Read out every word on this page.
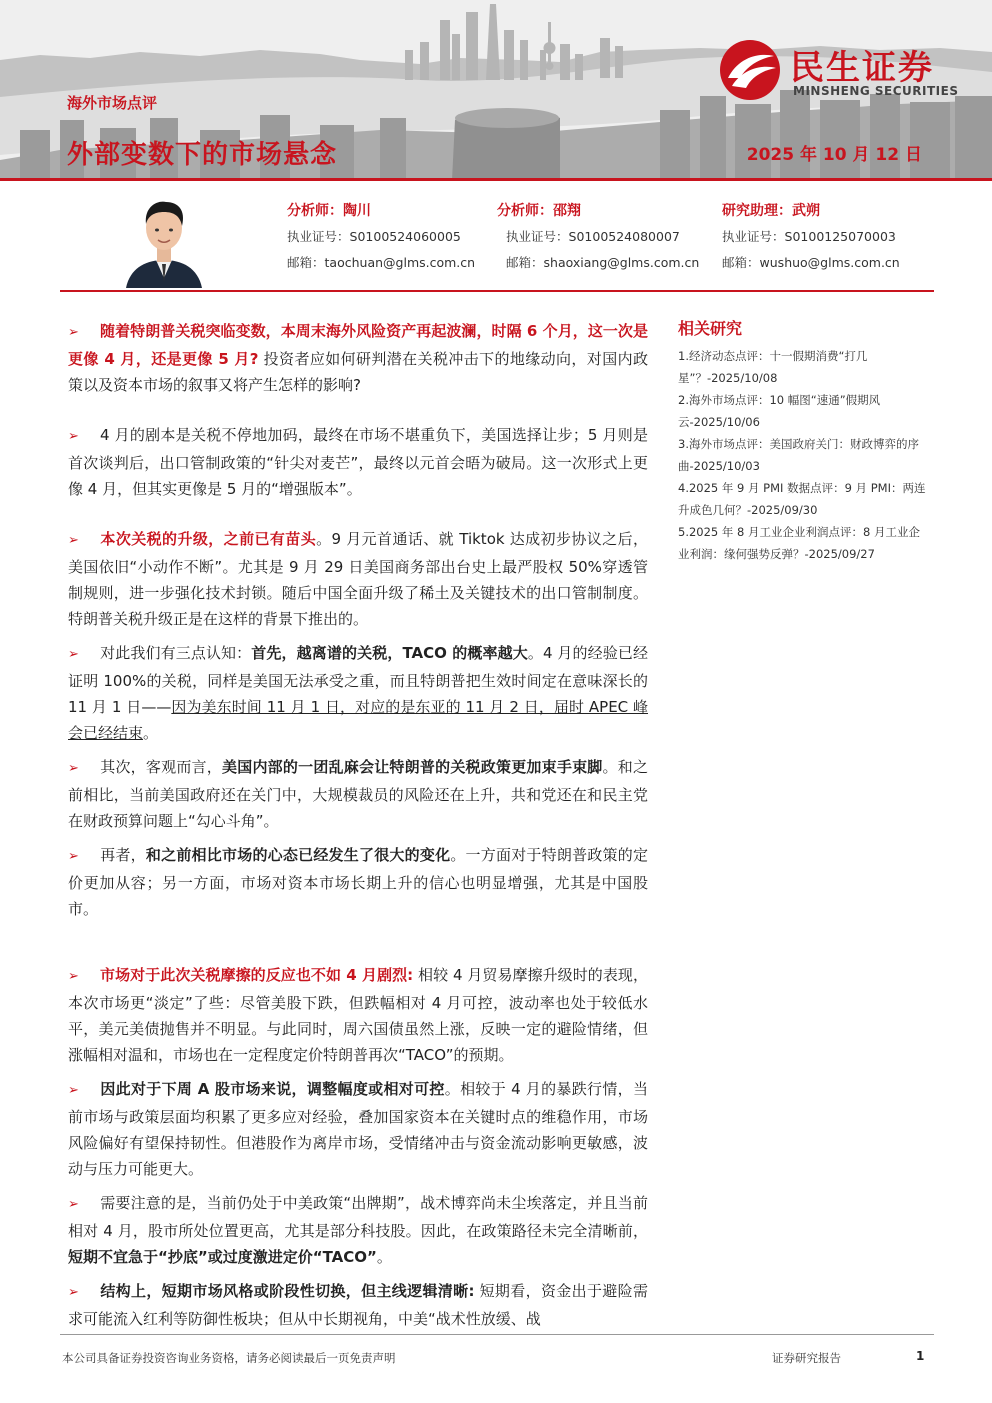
海外市场点评
外部变数下的市场悬念	2025 年 10 月 12 日
民生证券
MINSHENG SECURITIES
分析师：陶川
执业证号：S0100524060005
邮箱：taochuan@glms.com.cn
分析师：邵翔
执业证号：S0100524080007
邮箱：shaoxiang@glms.com.cn
研究助理：武朔
执业证号：S0100125070003
邮箱：wushuo@glms.com.cn

➢ 随着特朗普关税突临变数，本周末海外风险资产再起波澜，时隔 6 个月，这一次是更像 4 月，还是更像 5 月? 投资者应如何研判潜在关税冲击下的地缘动向，对国内政策以及资本市场的叙事又将产生怎样的影响?

➢ 4 月的剧本是关税不停地加码，最终在市场不堪重负下，美国选择让步；5 月则是首次谈判后，出口管制政策的“针尖对麦芒”，最终以元首会晤为破局。这一次形式上更像 4 月，但其实更像是 5 月的“增强版本”。

➢ 本次关税的升级，之前已有苗头。9 月元首通话、就 Tiktok 达成初步协议之后，美国依旧“小动作不断”。尤其是 9 月 29 日美国商务部出台史上最严股权 50%穿透管制规则，进一步强化技术封锁。随后中国全面升级了稀土及关键技术的出口管制制度。特朗普关税升级正是在这样的背景下推出的。

➢ 对此我们有三点认知：首先，越离谱的关税，TACO 的概率越大。4 月的经验已经证明 100%的关税，同样是美国无法承受之重，而且特朗普把生效时间定在意味深长的 11 月 1 日——因为美东时间 11 月 1 日，对应的是东亚的 11 月 2 日，届时 APEC 峰会已经结束。

➢ 其次，客观而言，美国内部的一团乱麻会让特朗普的关税政策更加束手束脚。和之前相比，当前美国政府还在关门中，大规模裁员的风险还在上升，共和党还在和民主党在财政预算问题上“勾心斗角”。

➢ 再者，和之前相比市场的心态已经发生了很大的变化。一方面对于特朗普政策的定价更加从容；另一方面，市场对资本市场长期上升的信心也明显增强，尤其是中国股市。

➢ 市场对于此次关税摩擦的反应也不如 4 月剧烈: 相较 4 月贸易摩擦升级时的表现，本次市场更“淡定”了些：尽管美股下跌，但跌幅相对 4 月可控，波动率也处于较低水平，美元美债抛售并不明显。与此同时，周六国债虽然上涨，反映一定的避险情绪，但涨幅相对温和，市场也在一定程度定价特朗普再次“TACO”的预期。

➢ 因此对于下周 A 股市场来说，调整幅度或相对可控。相较于 4 月的暴跌行情，当前市场与政策层面均积累了更多应对经验，叠加国家资本在关键时点的维稳作用，市场风险偏好有望保持韧性。但港股作为离岸市场，受情绪冲击与资金流动影响更敏感，波动与压力可能更大。

➢ 需要注意的是，当前仍处于中美政策“出牌期”，战术博弈尚未尘埃落定，并且当前相对 4 月，股市所处位置更高，尤其是部分科技股。因此，在政策路径未完全清晰前，短期不宜急于“抄底”或过度激进定价“TACO”。

➢ 结构上，短期市场风格或阶段性切换，但主线逻辑清晰: 短期看，资金出于避险需求可能流入红利等防御性板块；但从中长期视角，中美“战术性放缓、战

相关研究
1.经济动态点评：十一假期消费“打几星”？-2025/10/08
2.海外市场点评：10 幅图“速通”假期风云-2025/10/06
3.海外市场点评：美国政府关门：财政博弈的序曲-2025/10/03
4.2025 年 9 月 PMI 数据点评：9 月 PMI：两连升成色几何？-2025/09/30
5.2025 年 8 月工业企业利润点评：8 月工业企业利润：缘何强势反弹？-2025/09/27
本公司具备证券投资咨询业务资格，请务必阅读最后一页免责声明	证券研究报告	1
